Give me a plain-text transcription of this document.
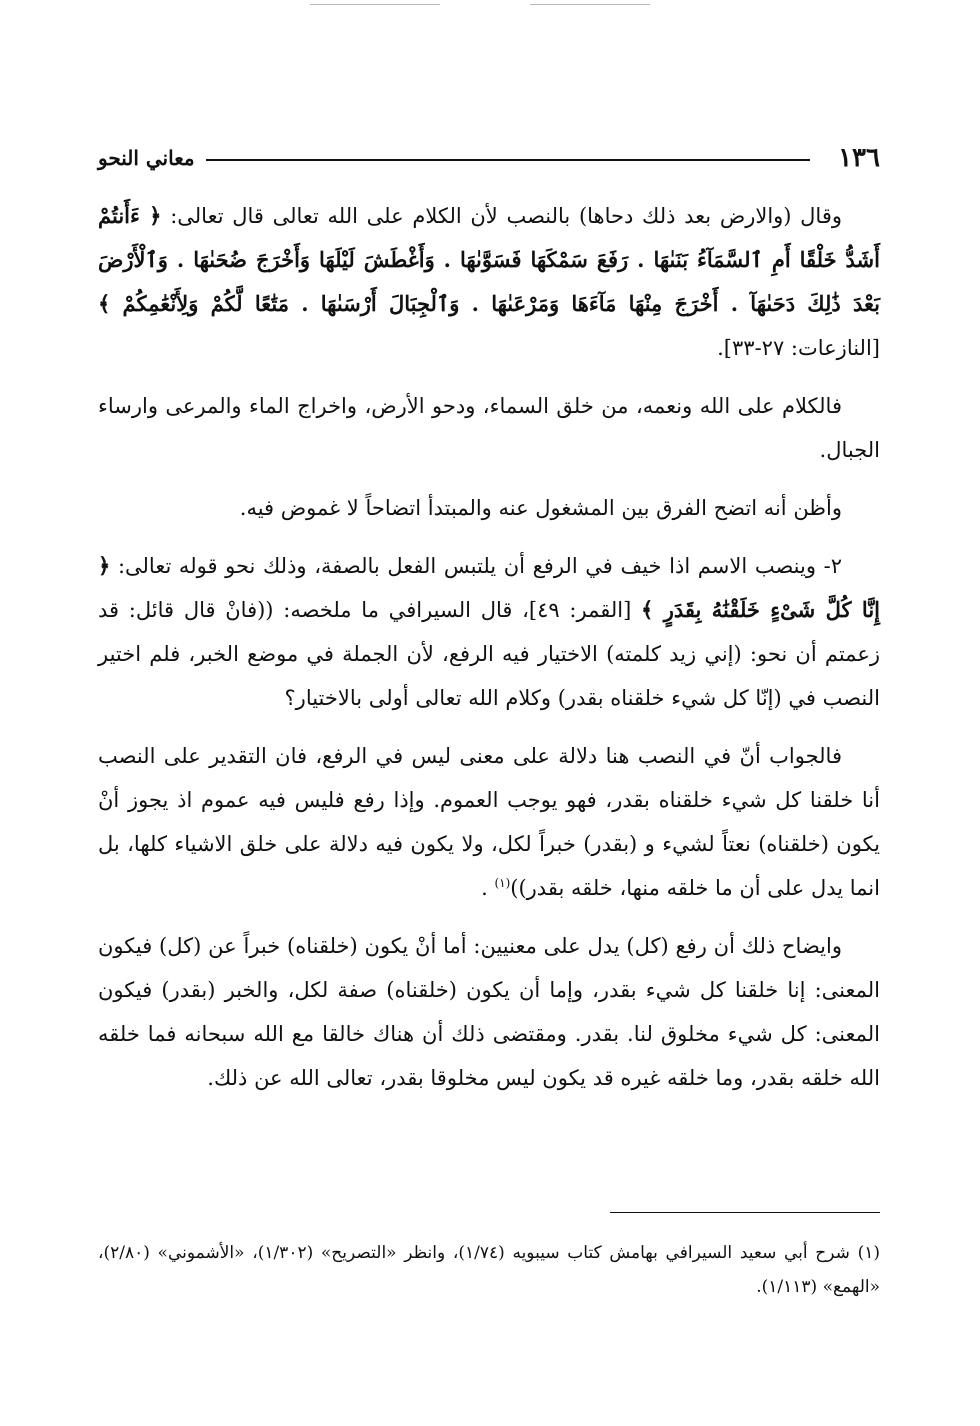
١٣٦
معاني النحو

وقال (والارض بعد ذلك دحاها) بالنصب لأن الكلام على الله تعالى قال تعالى: ﴿ ءَأَنتُمْ أَشَدُّ خَلْقًا أَمِ ٱلسَّمَآءُ بَنَىٰهَا . رَفَعَ سَمْكَهَا فَسَوَّىٰهَا . وَأَغْطَشَ لَيْلَهَا وَأَخْرَجَ ضُحَىٰهَا . وَٱلْأَرْضَ بَعْدَ ذَٰلِكَ دَحَىٰهَآ . أَخْرَجَ مِنْهَا مَآءَهَا وَمَرْعَىٰهَا . وَٱلْجِبَالَ أَرْسَىٰهَا . مَتَٰعًا لَّكُمْ وَلِأَنْعَٰمِكُمْ ﴾ [النازعات: ٢٧-٣٣].

فالكلام على الله ونعمه، من خلق السماء، ودحو الأرض، واخراج الماء والمرعى وارساء الجبال.

وأظن أنه اتضح الفرق بين المشغول عنه والمبتدأ اتضاحاً لا غموض فيه.

٢- وينصب الاسم اذا خيف في الرفع أن يلتبس الفعل بالصفة، وذلك نحو قوله تعالى: ﴿ إِنَّا كُلَّ شَىْءٍ خَلَقْنَٰهُ بِقَدَرٍ ﴾ [القمر: ٤٩]، قال السيرافي ما ملخصه: ((فانْ قال قائل: قد زعمتم أن نحو: (إني زيد كلمته) الاختيار فيه الرفع، لأن الجملة في موضع الخبر، فلم اختير النصب في (إنّا كل شيء خلقناه بقدر) وكلام الله تعالى أولى بالاختيار؟

فالجواب أنّ في النصب هنا دلالة على معنى ليس في الرفع، فان التقدير على النصب أنا خلقنا كل شيء خلقناه بقدر، فهو يوجب العموم. وإذا رفع فليس فيه عموم اذ يجوز أنْ يكون (خلقناه) نعتاً لشيء و (بقدر) خبراً لكل، ولا يكون فيه دلالة على خلق الاشياء كلها، بل انما يدل على أن ما خلقه منها، خلقه بقدر))$^{(١)}$ .

وايضاح ذلك أن رفع (كل) يدل على معنيين: أما أنْ يكون (خلقناه) خبراً عن (كل) فيكون المعنى: إنا خلقنا كل شيء بقدر، وإما أن يكون (خلقناه) صفة لكل، والخبر (بقدر) فيكون المعنى: كل شيء مخلوق لنا. بقدر. ومقتضى ذلك أن هناك خالقا مع الله سبحانه فما خلقه الله خلقه بقدر، وما خلقه غيره قد يكون ليس مخلوقا بقدر، تعالى الله عن ذلك.

(١) شرح أبي سعيد السيرافي بهامش كتاب سيبويه (١/٧٤)، وانظر «التصريح» (١/٣٠٢)، «الأشموني» (٢/٨٠)، «الهمع» (١/١١٣).
